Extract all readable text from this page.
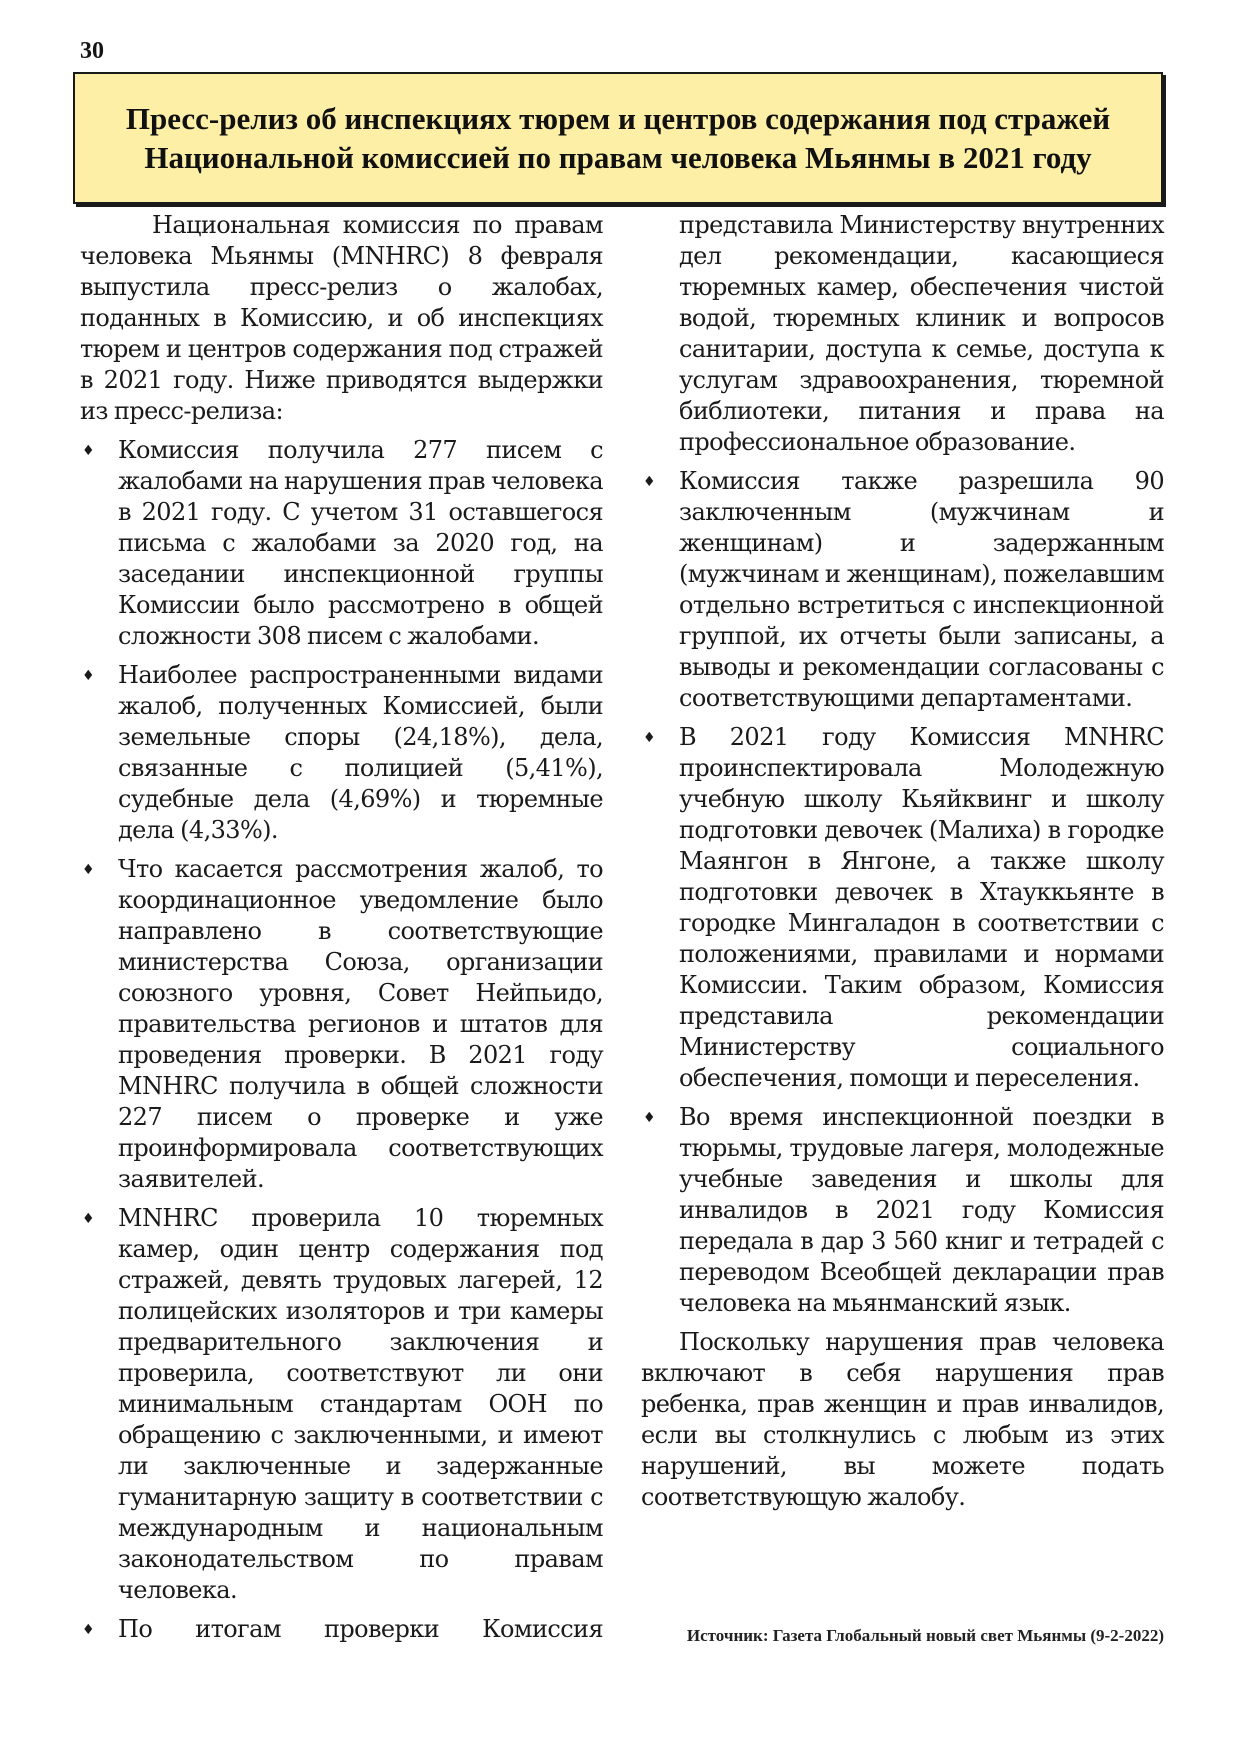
30
Пресс-релиз об инспекциях тюрем и центров содержания под стражей
Национальной комиссией по правам человека Мьянмы в 2021 году

Национальная комиссия по правам человека Мьянмы (MNHRC) 8 февраля выпустила пресс-релиз о жалобах, поданных в Комиссию, и об инспекциях тюрем и центров содержания под стражей в 2021 году. Ниже приводятся выдержки из пресс-релиза:

♦ Комиссия получила 277 писем с жалобами на нарушения прав человека в 2021 году. С учетом 31 оставшегося письма с жалобами за 2020 год, на заседании инспекционной группы Комиссии было рассмотрено в общей сложности 308 писем с жалобами.
♦ Наиболее распространенными видами жалоб, полученных Комиссией, были земельные споры (24,18%), дела, связанные с полицией (5,41%), судебные дела (4,69%) и тюремные дела (4,33%).
♦ Что касается рассмотрения жалоб, то координационное уведомление было направлено в соответствующие министерства Союза, организации союзного уровня, Совет Нейпьидо, правительства регионов и штатов для проведения проверки. В 2021 году MNHRC получила в общей сложности 227 писем о проверке и уже проинформировала соответствующих заявителей.
♦ MNHRC проверила 10 тюремных камер, один центр содержания под стражей, девять трудовых лагерей, 12 полицейских изоляторов и три камеры предварительного заключения и проверила, соответствуют ли они минимальным стандартам ООН по обращению с заключенными, и имеют ли заключенные и задержанные гуманитарную защиту в соответствии с международным и национальным законодательством по правам человека.
♦ По итогам проверки Комиссия

представила Министерству внутренних дел рекомендации, касающиеся тюремных камер, обеспечения чистой водой, тюремных клиник и вопросов санитарии, доступа к семье, доступа к услугам здравоохранения, тюремной библиотеки, питания и права на профессиональное образование.

♦ Комиссия также разрешила 90 заключенным (мужчинам и женщинам) и задержанным (мужчинам и женщинам), пожелавшим отдельно встретиться с инспекционной группой, их отчеты были записаны, а выводы и рекомендации согласованы с соответствующими департаментами.
♦ В 2021 году Комиссия MNHRC проинспектировала Молодежную учебную школу Кьяйквинг и школу подготовки девочек (Малиха) в городке Маянгон в Янгоне, а также школу подготовки девочек в Хтауккьянте в городке Мингаладон в соответствии с положениями, правилами и нормами Комиссии. Таким образом, Комиссия представила рекомендации Министерству социального обеспечения, помощи и переселения.
♦ Во время инспекционной поездки в тюрьмы, трудовые лагеря, молодежные учебные заведения и школы для инвалидов в 2021 году Комиссия передала в дар 3 560 книг и тетрадей с переводом Всеобщей декларации прав человека на мьянманский язык.

Поскольку нарушения прав человека включают в себя нарушения прав ребенка, прав женщин и прав инвалидов, если вы столкнулись с любым из этих нарушений, вы можете подать соответствующую жалобу.

Источник: Газета Глобальный новый свет Мьянмы (9-2-2022)
